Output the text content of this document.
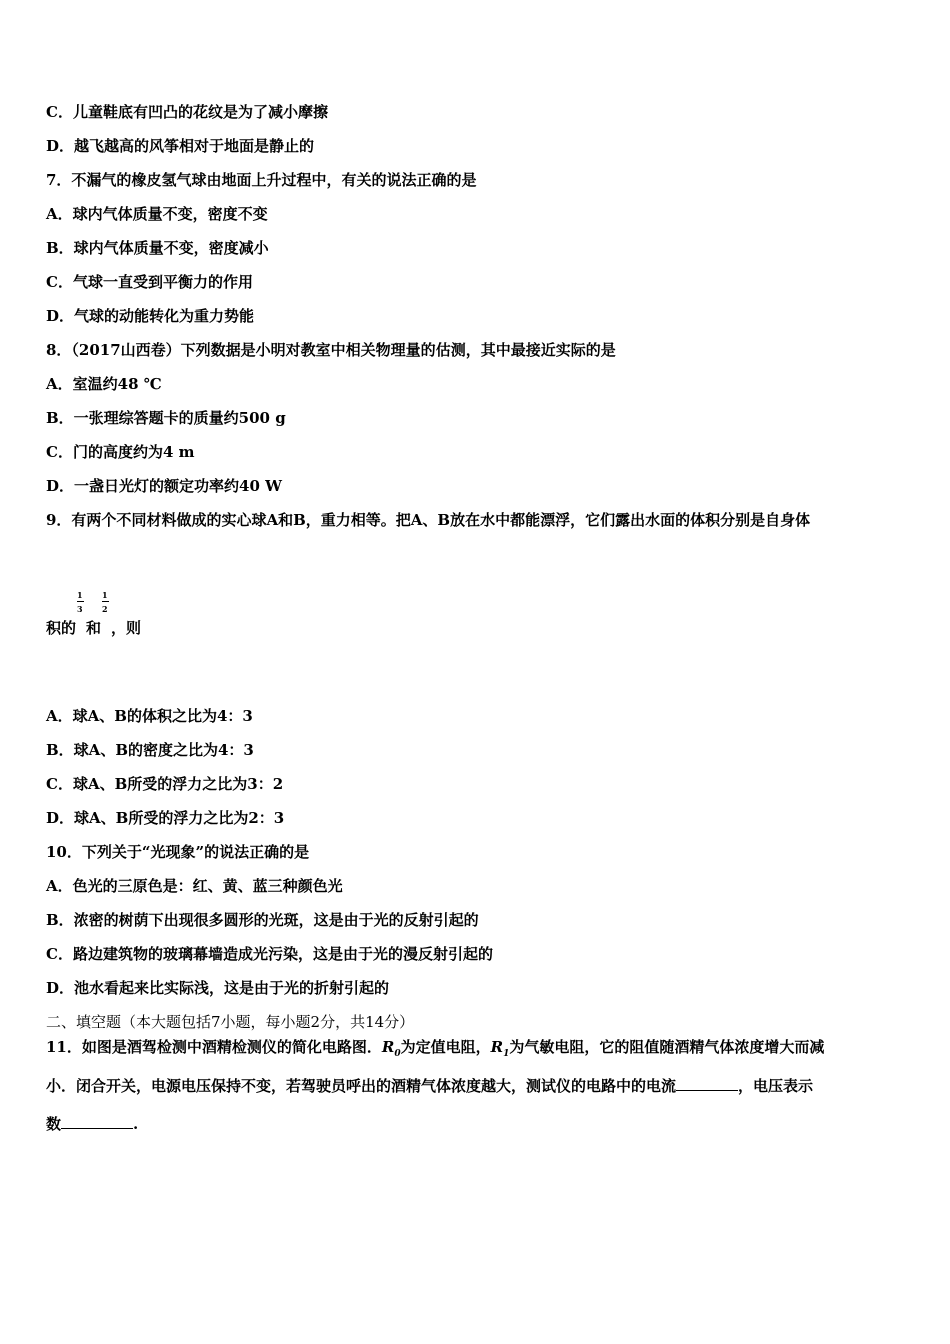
C．儿童鞋底有凹凸的花纹是为了减小摩擦
D．越飞越高的风筝相对于地面是静止的
7．不漏气的橡皮氢气球由地面上升过程中，有关的说法正确的是
A．球内气体质量不变，密度不变
B．球内气体质量不变，密度减小
C．气球一直受到平衡力的作用
D．气球的动能转化为重力势能
8．（2017山西卷）下列数据是小明对教室中相关物理量的估测，其中最接近实际的是
A．室温约48 ℃
B．一张理综答题卡的质量约500 g
C．门的高度约为4 m
D．一盏日光灯的额定功率约40 W
9．有两个不同材料做成的实心球A和B，重力相等。把A、B放在水中都能漂浮，它们露出水面的体积分别是自身体
积的 $\frac{1}{3}$ 和 $\frac{1}{2}$ ，则
A．球A、B的体积之比为4：3
B．球A、B的密度之比为4：3
C．球A、B所受的浮力之比为3：2
D．球A、B所受的浮力之比为2：3
10．下列关于“光现象”的说法正确的是
A．色光的三原色是：红、黄、蓝三种颜色光
B．浓密的树荫下出现很多圆形的光斑，这是由于光的反射引起的
C．路边建筑物的玻璃幕墙造成光污染，这是由于光的漫反射引起的
D．池水看起来比实际浅，这是由于光的折射引起的
二、填空题（本大题包括7小题，每小题2分，共14分）
11．如图是酒驾检测中酒精检测仪的简化电路图．$R_0$为定值电阻，$R_1$为气敏电阻，它的阻值随酒精气体浓度增大而减
小．闭合开关，电源电压保持不变，若驾驶员呼出的酒精气体浓度越大，测试仪的电路中的电流	，电压表示
数	.
